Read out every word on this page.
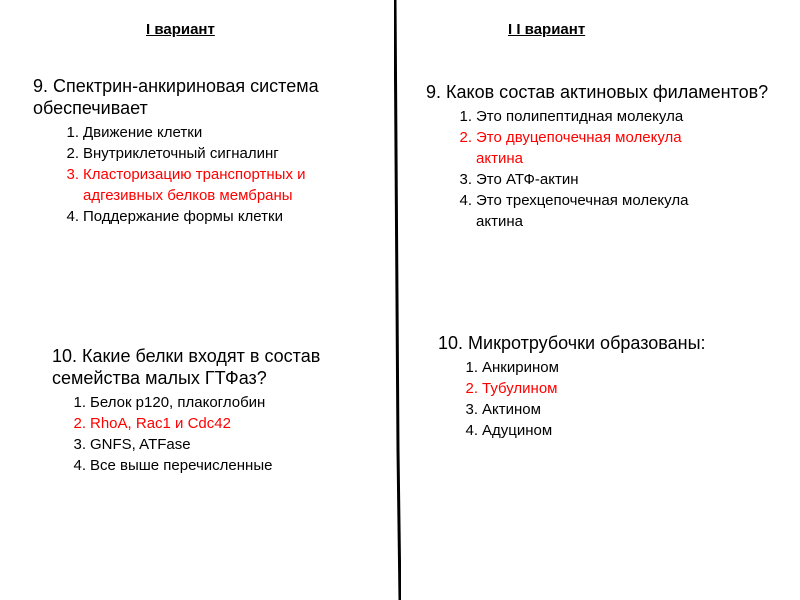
I вариант	I I вариант

9. Спектрин-анкириновая система обеспечивает

1. Движение клетки
2. Внутриклеточный сигналинг
3. Кластоpизацию транспортных и
адгезивных белков мембраны
4. Поддержание формы клетки

9. Каков состав актиновых филаментов?

1. Это полипептидная молекула
2. Это двуцепочечная молекула
актина
3. Это АТФ-актин
4. Это трехцепочечная молекула
актина

10. Какие белки входят в состав семейства малых ГТФаз?

1. Белок p120, плакоглобин
2. RhoA, Rac1 и Cdc42
3. GNFS, ATFase
4. Все выше перечисленные

10. Микротрубочки образованы:

1. Анкирином
2. Тубулином
3. Актином
4. Адуцином
